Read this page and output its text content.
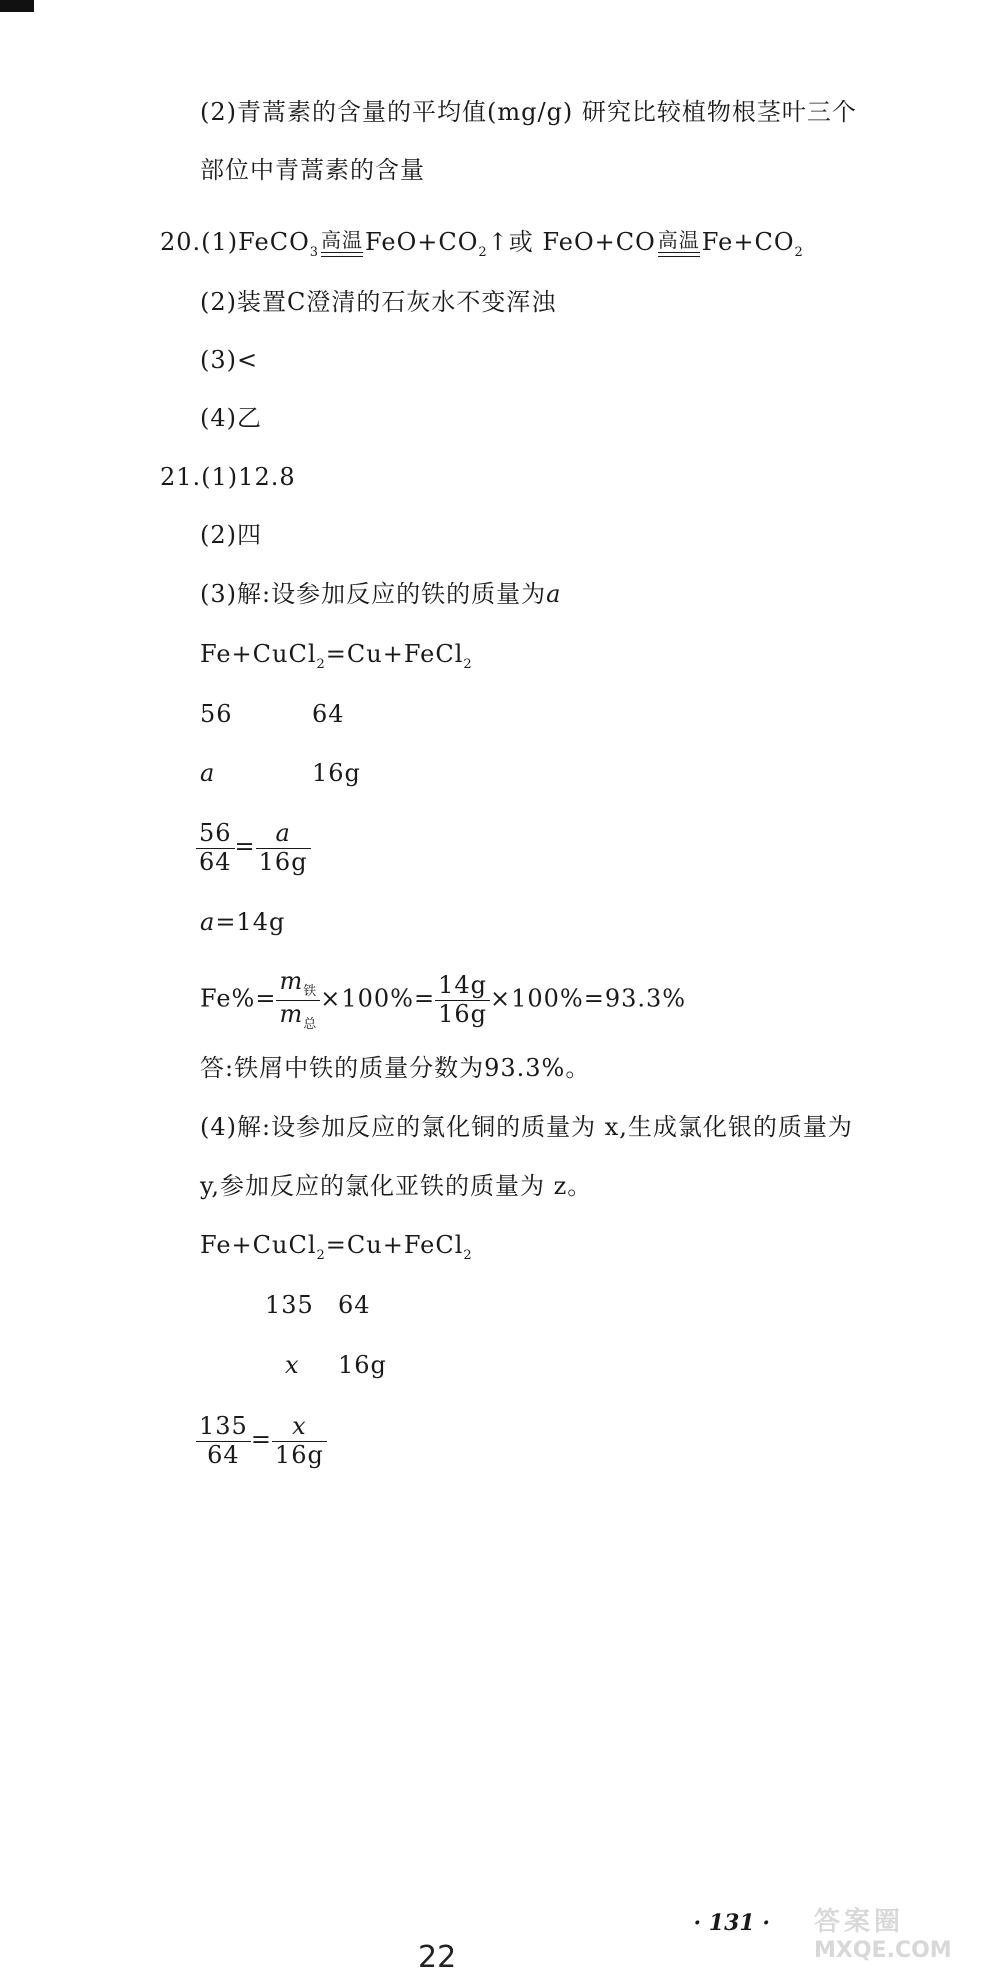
(2)青蒿素的含量的平均值(mg/g) 研究比较植物根茎叶三个
部位中青蒿素的含量
20.(1)FeCO$_3$
高温 $FeO+CO_2↑$或 FeO+CO 高温 $Fe+CO_2$
(2)装置C澄清的石灰水不变浑浊
(3)<
(4)乙
21.(1)12.8
(2)四
(3)解:设参加反应的铁的质量为a
Fe+CuCl$_2$=Cu+FeCl$_2$
56	64
a	16g
$\frac{56}{64} = \frac{a}{16g}$
a=14g
$Fe\%= \frac{m_铁}{m_总} \times 100\%= \frac{14g}{16g} \times 100\%=93.3\%$
答:铁屑中铁的质量分数为93.3%。
(4)解:设参加反应的氯化铜的质量为 x,生成氯化银的质量为
y,参加反应的氯化亚铁的质量为 z。
Fe+CuCl$_2$=Cu+FeCl$_2$
135 64
x 16g
$\frac{135}{64} = \frac{x}{16g}$
· 131 ·
22
答案圈
MXQE.COM
